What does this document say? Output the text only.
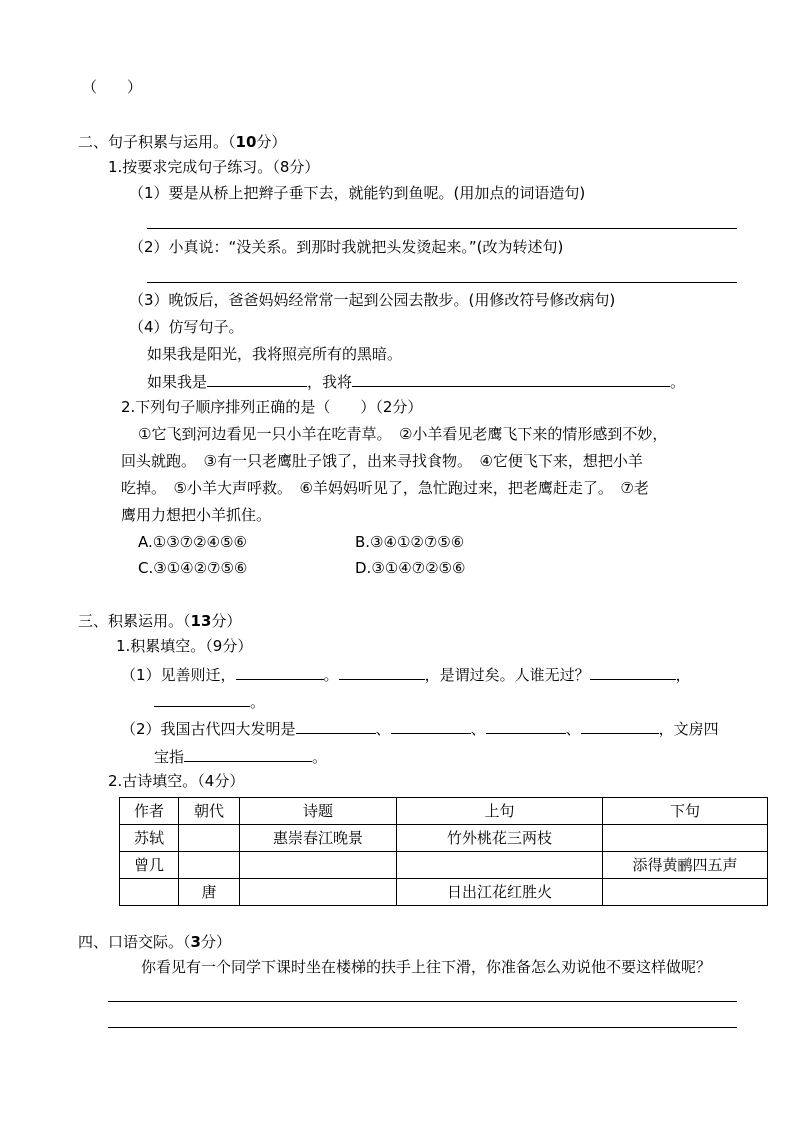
（　　）
二、句子积累与运用。（10分）
1.按要求完成句子练习。（8分）
（1）要是从桥上把辫子垂下去，就能钓到鱼呢。(用加点的词语造句)
（2）小真说：“没关系。到那时我就把头发烫起来。”(改为转述句)
（3）晚饭后，爸爸妈妈经常常一起到公园去散步。(用修改符号修改病句)
（4）仿写句子。
如果我是阳光，我将照亮所有的黑暗。
如果我是	，我将	。
2.下列句子顺序排列正确的是（　　）（2分）
①它飞到河边看见一只小羊在吃青草。　②小羊看见老鹰飞下来的情形感到不妙，
回头就跑。　③有一只老鹰肚子饿了，出来寻找食物。　④它便飞下来，想把小羊
吃掉。　⑤小羊大声呼救。　⑥羊妈妈听见了，急忙跑过来，把老鹰赶走了。　⑦老
鹰用力想把小羊抓住。
A.①③⑦②④⑤⑥	B.③④①②⑦⑤⑥
C.③①④②⑦⑤⑥	D.③①④⑦②⑤⑥
三、积累运用。（13分）
1.积累填空。（9分）
（1）见善则迁，	。	，是谓过矣。人谁无过？	，
。
（2）我国古代四大发明是	、	、	、	，文房四
宝指	。
2.古诗填空。（4分）
作者	朝代	诗题	上句	下句
苏轼		惠崇春江晚景	竹外桃花三两枝	
曾几				添得黄鹂四五声
	唐		日出江花红胜火	
四、口语交际。（3分）
你看见有一个同学下课时坐在楼梯的扶手上往下滑，你准备怎么劝说他不要这样做呢？
